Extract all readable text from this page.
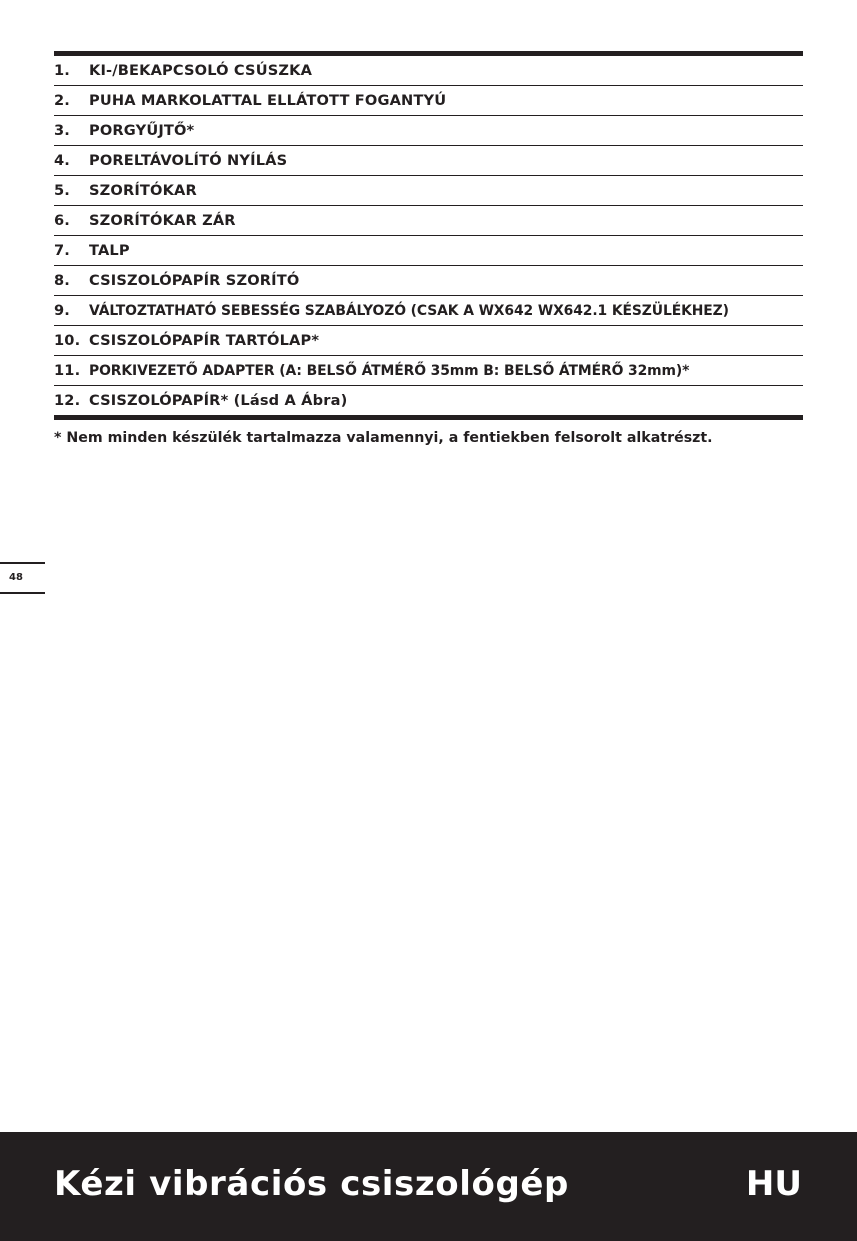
1.	KI-/BEKAPCSOLÓ CSÚSZKA
2.	PUHA MARKOLATTAL ELLÁTOTT FOGANTYÚ
3.	PORGYŰJTŐ*
4.	PORELTÁVOLÍTÓ NYÍLÁS
5.	SZORÍTÓKAR
6.	SZORÍTÓKAR ZÁR
7.	TALP
8.	CSISZOLÓPAPÍR SZORÍTÓ
9.	VÁLTOZTATHATÓ SEBESSÉG SZABÁLYOZÓ (CSAK A WX642 WX642.1 KÉSZÜLÉKHEZ)
10. CSISZOLÓPAPÍR TARTÓLAP*
11. PORKIVEZETŐ ADAPTER (A: BELSŐ ÁTMÉRŐ 35mm B: BELSŐ ÁTMÉRŐ 32mm)*
12. CSISZOLÓPAPÍR* (Lásd A Ábra)
* Nem minden készülék tartalmazza valamennyi, a fentiekben felsorolt alkatrészt.
48
Kézi vibrációs csiszológép	HU
